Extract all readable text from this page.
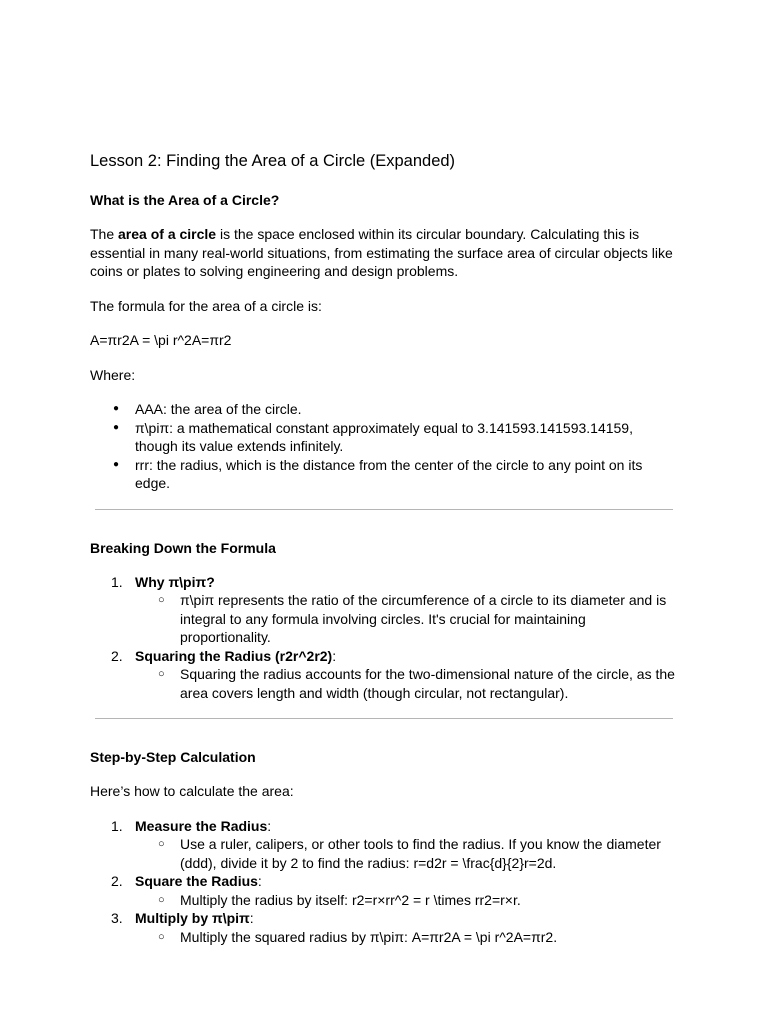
Lesson 2: Finding the Area of a Circle (Expanded)
What is the Area of a Circle?

The area of a circle is the space enclosed within its circular boundary. Calculating this is essential in many real-world situations, from estimating the surface area of circular objects like coins or plates to solving engineering and design problems.

The formula for the area of a circle is:

A=πr2A = \pi r^2A=πr2

Where:

● AAA: the area of the circle.
● π\piπ: a mathematical constant approximately equal to 3.141593.141593.14159, though its value extends infinitely.
● rrr: the radius, which is the distance from the center of the circle to any point on its edge.
Breaking Down the Formula
1. Why π\piπ?
○ π\piπ represents the ratio of the circumference of a circle to its diameter and is integral to any formula involving circles. It's crucial for maintaining proportionality.
2. Squaring the Radius (r2r^2r2):
○ Squaring the radius accounts for the two-dimensional nature of the circle, as the area covers length and width (though circular, not rectangular).
Step-by-Step Calculation

Here’s how to calculate the area:

1. Measure the Radius:
○ Use a ruler, calipers, or other tools to find the radius. If you know the diameter (ddd), divide it by 2 to find the radius: r=d2r = \frac{d}{2}r=2d.
2. Square the Radius:
○ Multiply the radius by itself: r2=r×rr^2 = r \times rr2=r×r.
3. Multiply by π\piπ:
○ Multiply the squared radius by π\piπ: A=πr2A = \pi r^2A=πr2.
